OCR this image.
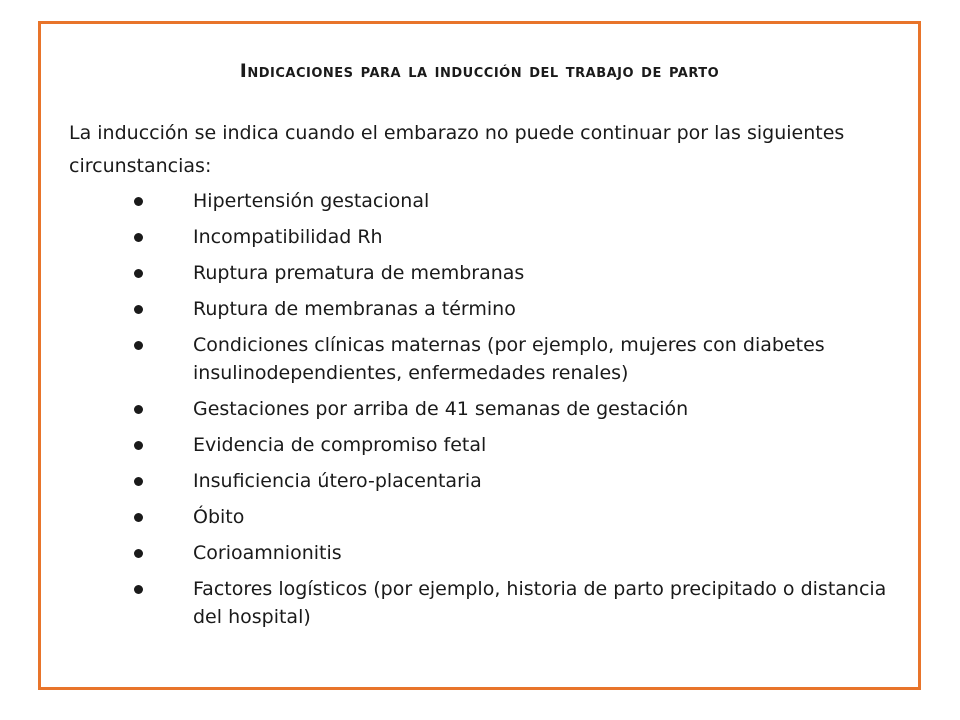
Indicaciones para la inducción del trabajo de parto

La inducción se indica cuando el embarazo no puede continuar por las siguientes circunstancias:

Hipertensión gestacional
Incompatibilidad Rh
Ruptura prematura de membranas
Ruptura de membranas a término
Condiciones clínicas maternas (por ejemplo, mujeres con diabetes insulinodependientes, enfermedades renales)
Gestaciones por arriba de 41 semanas de gestación
Evidencia de compromiso fetal
Insuficiencia útero-placentaria
Óbito
Corioamnionitis
Factores logísticos (por ejemplo, historia de parto precipitado o distancia del hospital)
